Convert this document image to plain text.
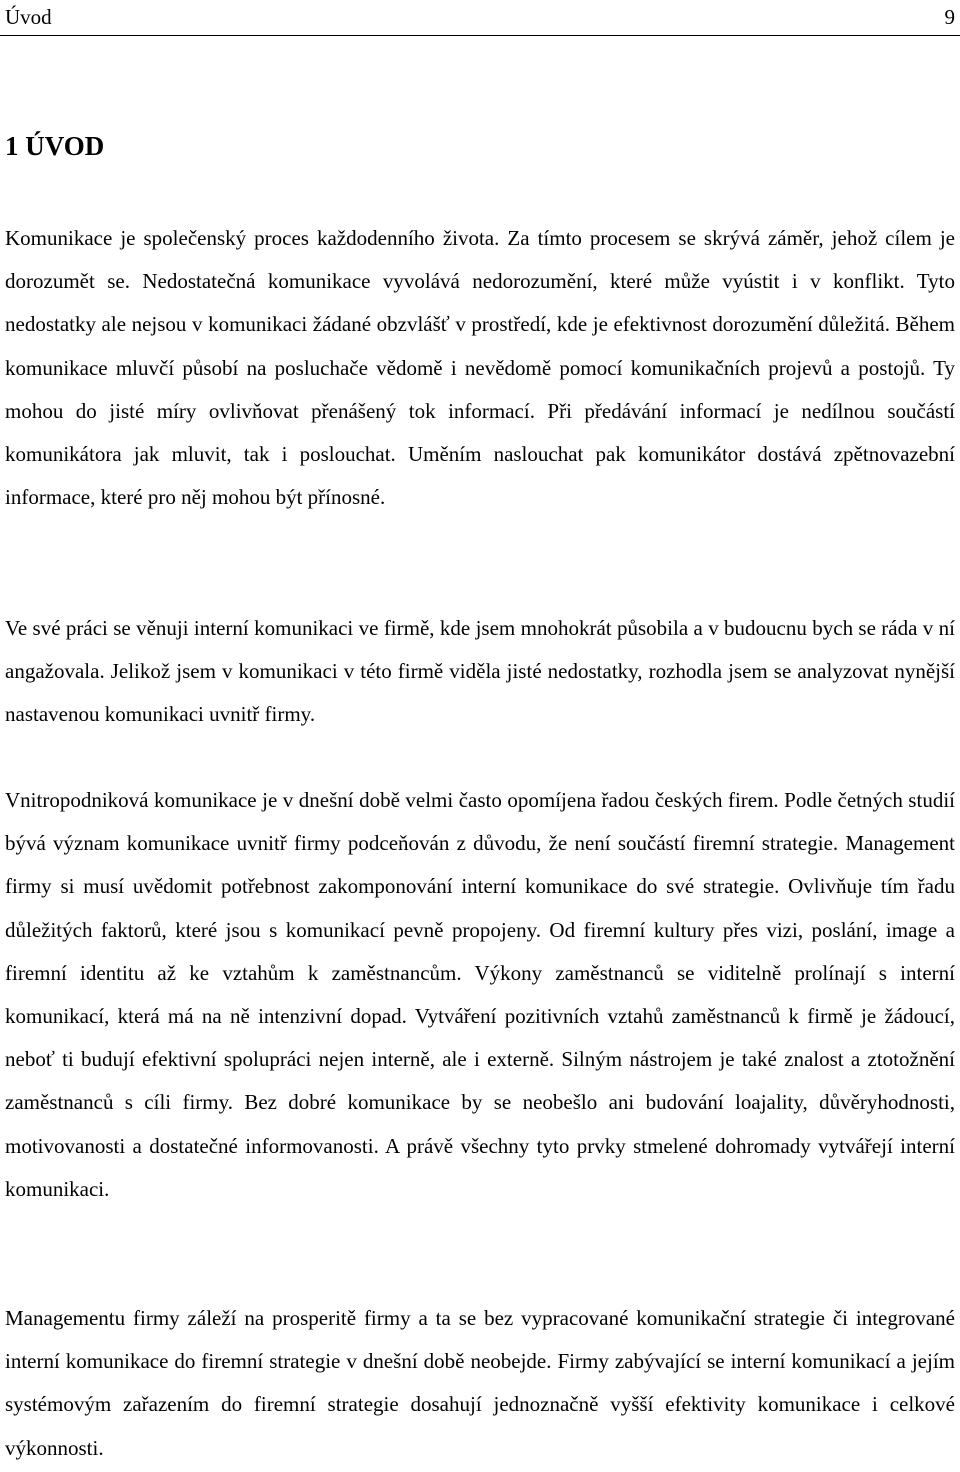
Úvod	9
1 ÚVOD

Komunikace je společenský proces každodenního života. Za tímto procesem se skrývá záměr, jehož cílem je dorozumět se. Nedostatečná komunikace vyvolává nedorozumění, které může vyústit i v konflikt. Tyto nedostatky ale nejsou v komunikaci žádané obzvlášť v prostředí, kde je efektivnost dorozumění důležitá. Během komunikace mluvčí působí na posluchače vědomě i nevědomě pomocí komunikačních projevů a postojů. Ty mohou do jisté míry ovlivňovat přenášený tok informací. Při předávání informací je nedílnou součástí komunikátora jak mluvit, tak i poslouchat. Uměním naslouchat pak komunikátor dostává zpětnovazební informace, které pro něj mohou být přínosné.

Ve své práci se věnuji interní komunikaci ve firmě, kde jsem mnohokrát působila a v budoucnu bych se ráda v ní angažovala. Jelikož jsem v komunikaci v této firmě viděla jisté nedostatky, rozhodla jsem se analyzovat nynější nastavenou komunikaci uvnitř firmy.

Vnitropodniková komunikace je v dnešní době velmi často opomíjena řadou českých firem. Podle četných studií bývá význam komunikace uvnitř firmy podceňován z důvodu, že není součástí firemní strategie. Management firmy si musí uvědomit potřebnost zakomponování interní komunikace do své strategie. Ovlivňuje tím řadu důležitých faktorů, které jsou s komunikací pevně propojeny. Od firemní kultury přes vizi, poslání, image a firemní identitu až ke vztahům k zaměstnancům. Výkony zaměstnanců se viditelně prolínají s interní komunikací, která má na ně intenzivní dopad. Vytváření pozitivních vztahů zaměstnanců k firmě je žádoucí, neboť ti budují efektivní spolupráci nejen interně, ale i externě. Silným nástrojem je také znalost a ztotožnění zaměstnanců s cíli firmy. Bez dobré komunikace by se neobešlo ani budování loajality, důvěryhodnosti, motivovanosti a dostatečné informovanosti. A právě všechny tyto prvky stmelené dohromady vytvářejí interní komunikaci.

Managementu firmy záleží na prosperitě firmy a ta se bez vypracované komunikační strategie či integrované interní komunikace do firemní strategie v dnešní době neobejde. Firmy zabývající se interní komunikací a jejím systémovým zařazením do firemní strategie dosahují jednoznačně vyšší efektivity komunikace i celkové výkonnosti.
